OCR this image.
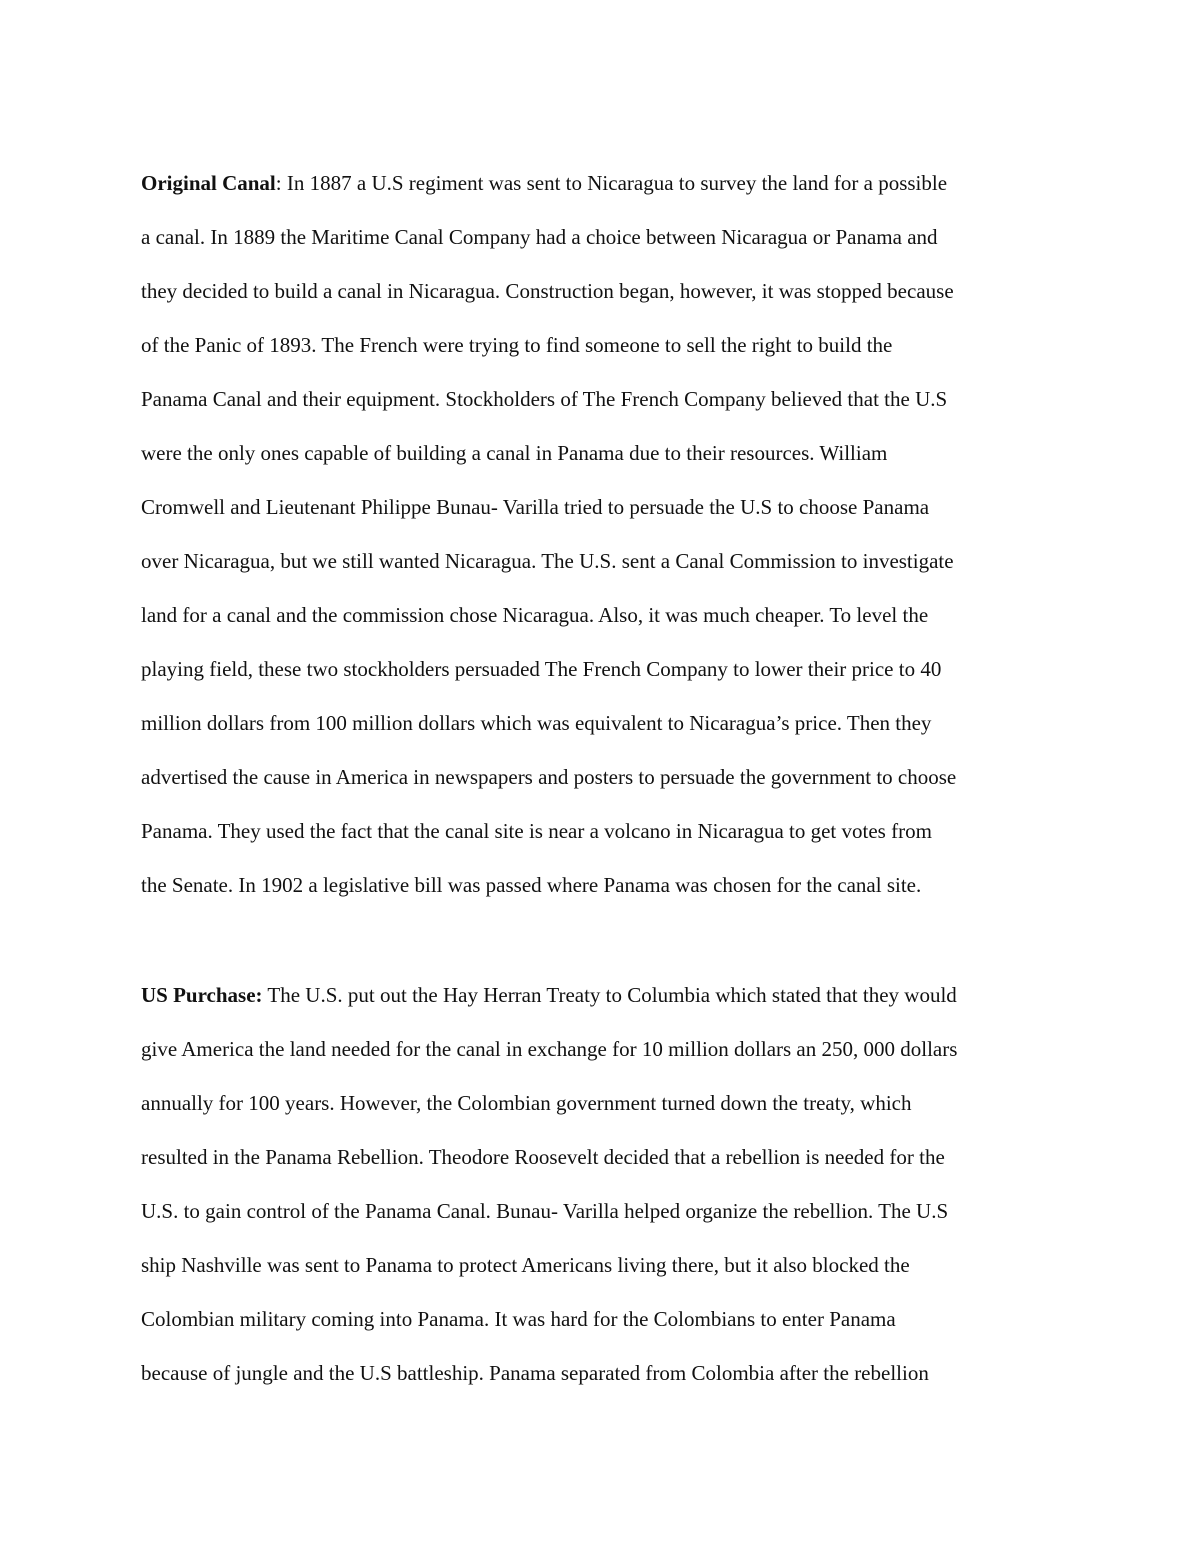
Original Canal: In 1887 a U.S regiment was sent to Nicaragua to survey the land for a possible
a canal. In 1889 the Maritime Canal Company had a choice between Nicaragua or Panama and
they decided to build a canal in Nicaragua. Construction began, however, it was stopped because
of the Panic of 1893. The French were trying to find someone to sell the right to build the
Panama Canal and their equipment. Stockholders of The French Company believed that the U.S
were the only ones capable of building a canal in Panama due to their resources. William
Cromwell and Lieutenant Philippe Bunau- Varilla tried to persuade the U.S to choose Panama
over Nicaragua, but we still wanted Nicaragua. The U.S. sent a Canal Commission to investigate
land for a canal and the commission chose Nicaragua. Also, it was much cheaper. To level the
playing field, these two stockholders persuaded The French Company to lower their price to 40
million dollars from 100 million dollars which was equivalent to Nicaragua’s price. Then they
advertised the cause in America in newspapers and posters to persuade the government to choose
Panama. They used the fact that the canal site is near a volcano in Nicaragua to get votes from
the Senate. In 1902 a legislative bill was passed where Panama was chosen for the canal site.
US Purchase: The U.S. put out the Hay Herran Treaty to Columbia which stated that they would
give America the land needed for the canal in exchange for 10 million dollars an 250, 000 dollars
annually for 100 years. However, the Colombian government turned down the treaty, which
resulted in the Panama Rebellion. Theodore Roosevelt decided that a rebellion is needed for the
U.S. to gain control of the Panama Canal. Bunau- Varilla helped organize the rebellion. The U.S
ship Nashville was sent to Panama to protect Americans living there, but it also blocked the
Colombian military coming into Panama. It was hard for the Colombians to enter Panama
because of jungle and the U.S battleship. Panama separated from Colombia after the rebellion
